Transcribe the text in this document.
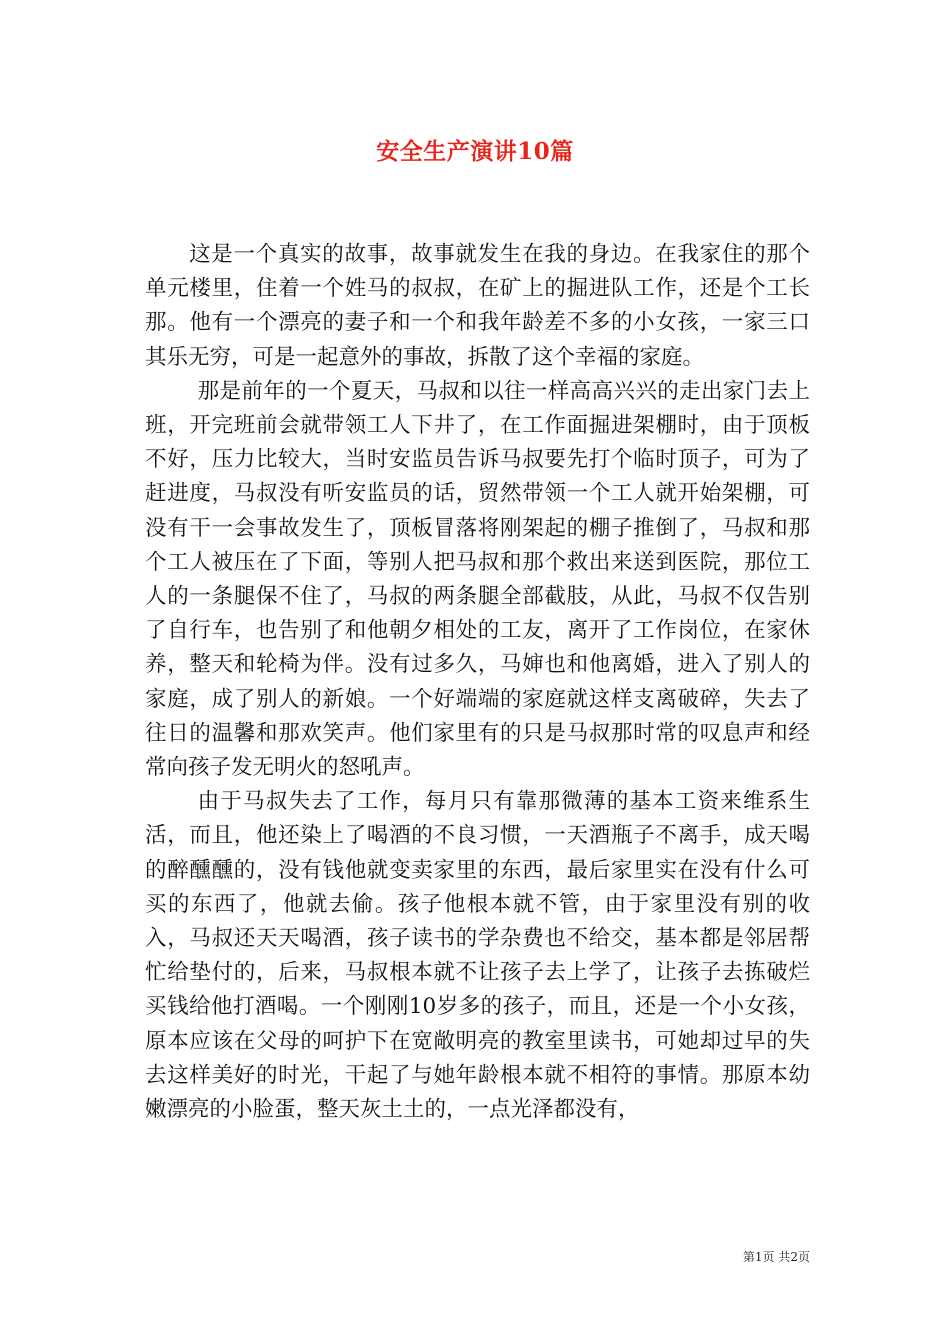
安全生产演讲10篇

这是一个真实的故事，故事就发生在我的身边。在我家住的那个单元楼里，住着一个姓马的叔叔，在矿上的掘进队工作，还是个工长那。他有一个漂亮的妻子和一个和我年龄差不多的小女孩，一家三口其乐无穷，可是一起意外的事故，拆散了这个幸福的家庭。

那是前年的一个夏天，马叔和以往一样高高兴兴的走出家门去上班，开完班前会就带领工人下井了，在工作面掘进架棚时，由于顶板不好，压力比较大，当时安监员告诉马叔要先打个临时顶子，可为了赶进度，马叔没有听安监员的话，贸然带领一个工人就开始架棚，可没有干一会事故发生了，顶板冒落将刚架起的棚子推倒了，马叔和那个工人被压在了下面，等别人把马叔和那个救出来送到医院，那位工人的一条腿保不住了，马叔的两条腿全部截肢，从此，马叔不仅告别了自行车，也告别了和他朝夕相处的工友，离开了工作岗位，在家休养，整天和轮椅为伴。没有过多久，马婶也和他离婚，进入了别人的家庭，成了别人的新娘。一个好端端的家庭就这样支离破碎，失去了往日的温馨和那欢笑声。他们家里有的只是马叔那时常的叹息声和经常向孩子发无明火的怒吼声。

由于马叔失去了工作，每月只有靠那微薄的基本工资来维系生活，而且，他还染上了喝酒的不良习惯，一天酒瓶子不离手，成天喝的醉醺醺的，没有钱他就变卖家里的东西，最后家里实在没有什么可买的东西了，他就去偷。孩子他根本就不管，由于家里没有别的收入，马叔还天天喝酒，孩子读书的学杂费也不给交，基本都是邻居帮忙给垫付的，后来，马叔根本就不让孩子去上学了，让孩子去拣破烂买钱给他打酒喝。一个刚刚10岁多的孩子，而且，还是一个小女孩，原本应该在父母的呵护下在宽敞明亮的教室里读书，可她却过早的失去这样美好的时光，干起了与她年龄根本就不相符的事情。那原本幼嫩漂亮的小脸蛋，整天灰土土的，一点光泽都没有，

第1页 共2页
